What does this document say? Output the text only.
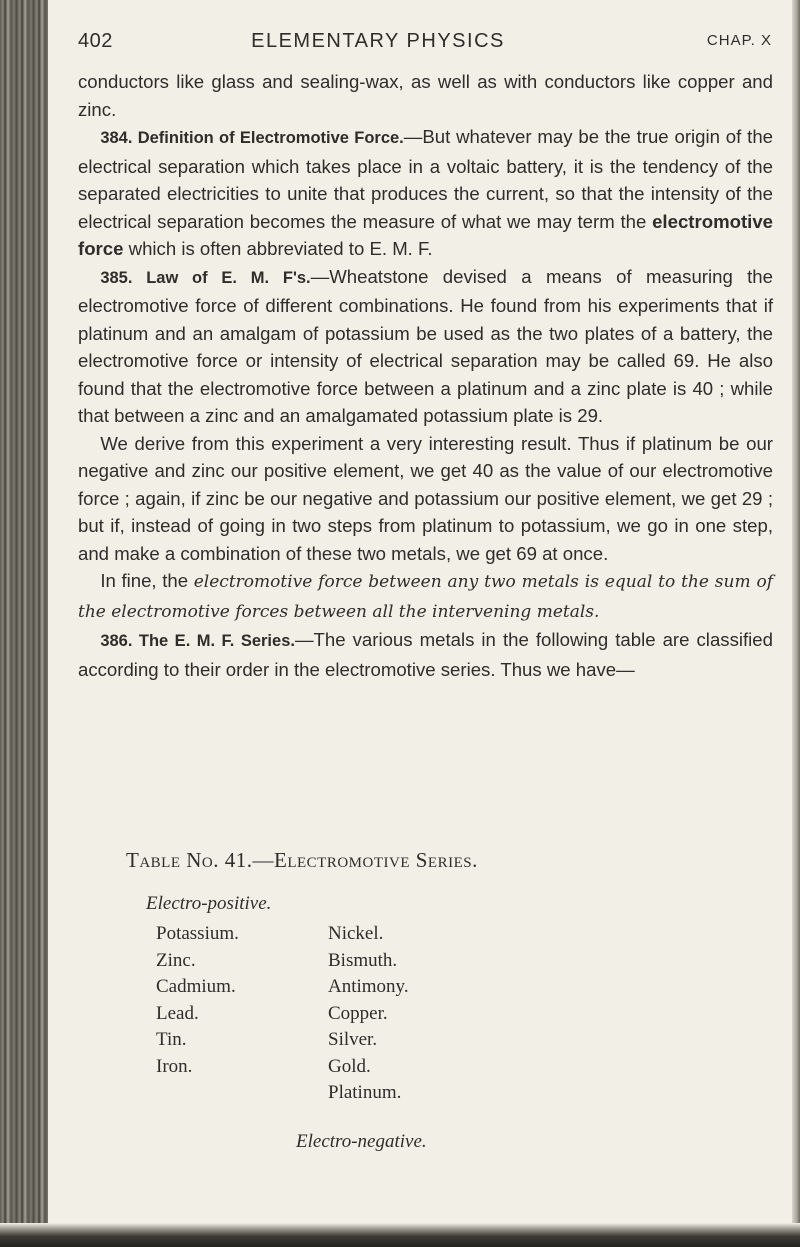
402	ELEMENTARY PHYSICS	CHAP. X

conductors like glass and sealing-wax, as well as with conductors like copper and zinc.

384. Definition of Electromotive Force.—But whatever may be the true origin of the electrical separation which takes place in a voltaic battery, it is the tendency of the separated electricities to unite that produces the current, so that the intensity of the electrical separation becomes the measure of what we may term the electromotive force which is often abbreviated to E. M. F.

385. Law of E. M. F's.—Wheatstone devised a means of measuring the electromotive force of different combinations. He found from his experiments that if platinum and an amalgam of potassium be used as the two plates of a battery, the electromotive force or intensity of electrical separation may be called 69. He also found that the electromotive force between a platinum and a zinc plate is 40 ; while that between a zinc and an amalgamated potassium plate is 29.

We derive from this experiment a very interesting result. Thus if platinum be our negative and zinc our positive element, we get 40 as the value of our electromotive force ; again, if zinc be our negative and potassium our positive element, we get 29 ; but if, instead of going in two steps from platinum to potassium, we go in one step, and make a combination of these two metals, we get 69 at once.

In fine, the electromotive force between any two metals is equal to the sum of the electromotive forces between all the intervening metals.

386. The E. M. F. Series.—The various metals in the following table are classified according to their order in the electromotive series. Thus we have—

Table No. 41.—Electromotive Series.
Electro-positive.
Potassium.
Zinc.
Cadmium.
Lead.
Tin.
Iron.
Nickel.
Bismuth.
Antimony.
Copper.
Silver.
Gold.
Platinum.
Electro-negative.
